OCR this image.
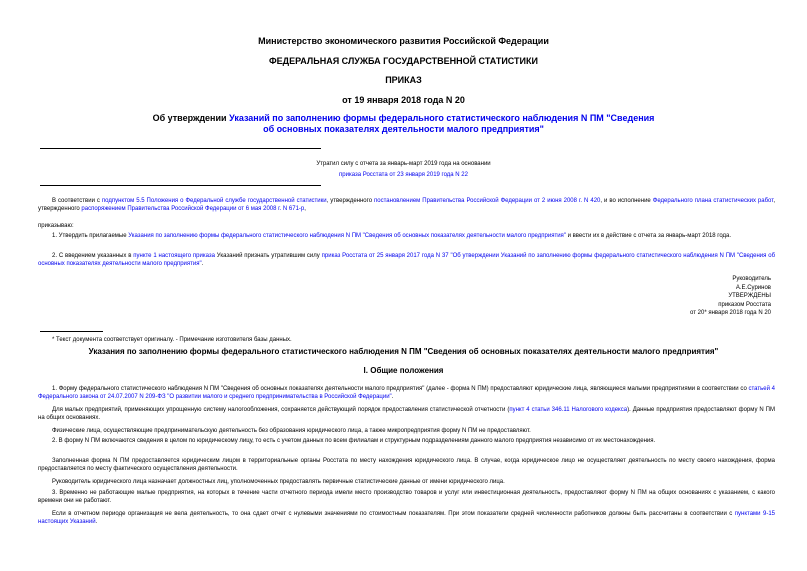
Министерство экономического развития Российской Федерации
ФЕДЕРАЛЬНАЯ СЛУЖБА ГОСУДАРСТВЕННОЙ СТАТИСТИКИ
ПРИКАЗ
от 19 января 2018 года N 20
Об утверждении Указаний по заполнению формы федерального статистического наблюдения N ПМ "Сведения об основных показателях деятельности малого предприятия"
Утратил силу с отчета за январь-март 2019 года на основании
приказа Росстата от 23 января 2019 года N 22
В соответствии с подпунктом 5.5 Положения о Федеральной службе государственной статистики, утвержденного постановлением Правительства Российской Федерации от 2 июня 2008 г. N 420, и во исполнение Федерального плана статистических работ, утвержденного распоряжением Правительства Российской Федерации от 6 мая 2008 г. N 671-р,
приказываю:
1. Утвердить прилагаемые Указания по заполнению формы федерального статистического наблюдения N ПМ "Сведения об основных показателях деятельности малого предприятия" и ввести их в действие с отчета за январь-март 2018 года.
2. С введением указанных в пункте 1 настоящего приказа Указаний признать утратившим силу приказ Росстата от 25 января 2017 года N 37 "Об утверждении Указаний по заполнению формы федерального статистического наблюдения N ПМ "Сведения об основных показателях деятельности малого предприятия".
Руководитель
А.Е.Суринов
УТВЕРЖДЕНЫ
приказом Росстата
от 20* января 2018 года N 20
* Текст документа соответствует оригиналу. - Примечание изготовителя базы данных.
Указания по заполнению формы федерального статистического наблюдения N ПМ "Сведения об основных показателях деятельности малого предприятия"
I. Общие положения
1. Форму федерального статистического наблюдения N ПМ "Сведения об основных показателях деятельности малого предприятия" (далее - форма N ПМ) предоставляют юридические лица, являющиеся малыми предприятиями в соответствии со статьей 4 Федерального закона от 24.07.2007 N 209-ФЗ "О развитии малого и среднего предпринимательства в Российской Федерации".
Для малых предприятий, применяющих упрощенную систему налогообложения, сохраняется действующий порядок предоставления статистической отчетности (пункт 4 статьи 346.11 Налогового кодекса). Данные предприятия предоставляют форму N ПМ на общих основаниях.
Физические лица, осуществляющие предпринимательскую деятельность без образования юридического лица, а также микропредприятия форму N ПМ не предоставляют.
2. В форму N ПМ включаются сведения в целом по юридическому лицу, то есть с учетом данных по всем филиалам и структурным подразделениям данного малого предприятия независимо от их местонахождения.
Заполненная форма N ПМ предоставляется юридическим лицом в территориальные органы Росстата по месту нахождения юридического лица. В случае, когда юридическое лицо не осуществляет деятельность по месту своего нахождения, форма предоставляется по месту фактического осуществления деятельности.
Руководитель юридического лица назначает должностных лиц, уполномоченных предоставлять первичные статистические данные от имени юридического лица.
3. Временно не работающие малые предприятия, на которых в течение части отчетного периода имели место производство товаров и услуг или инвестиционная деятельность, предоставляют форму N ПМ на общих основаниях с указанием, с какого времени они не работают.
Если в отчетном периоде организация не вела деятельность, то она сдает отчет с нулевыми значениями по стоимостным показателям. При этом показатели средней численности работников должны быть рассчитаны в соответствии с пунктами 9-15 настоящих Указаний.
